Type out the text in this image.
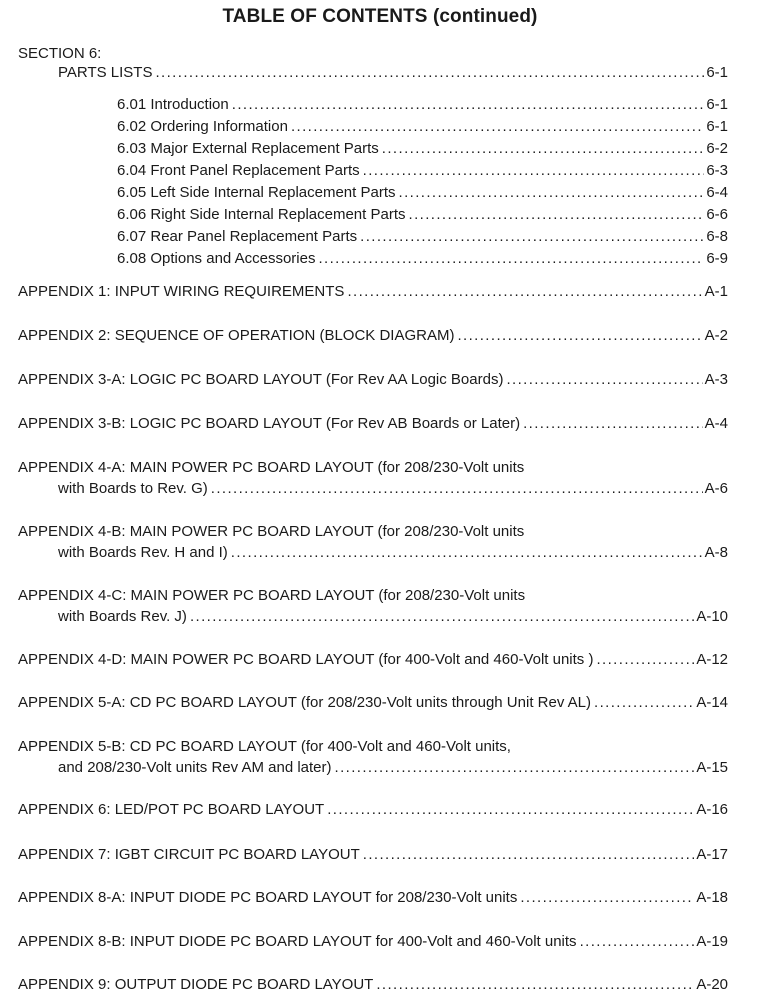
TABLE OF CONTENTS (continued)
SECTION 6:
PARTS LISTS .....	6-1
6.01 Introduction .....	6-1
6.02 Ordering Information .....	6-1
6.03 Major External Replacement Parts .....	6-2
6.04 Front Panel Replacement Parts .....	6-3
6.05 Left Side Internal Replacement Parts .....	6-4
6.06 Right Side Internal Replacement Parts .....	6-6
6.07 Rear Panel Replacement Parts .....	6-8
6.08 Options and Accessories .....	6-9
APPENDIX 1: INPUT WIRING REQUIREMENTS .....	A-1
APPENDIX 2: SEQUENCE OF OPERATION (BLOCK DIAGRAM) .....	A-2
APPENDIX 3-A: LOGIC PC BOARD LAYOUT (For Rev AA Logic Boards) .....	A-3
APPENDIX 3-B: LOGIC PC BOARD LAYOUT (For Rev AB Boards or Later) .....	A-4
APPENDIX 4-A: MAIN POWER PC BOARD LAYOUT (for 208/230-Volt units
with Boards to Rev. G) .....	A-6
APPENDIX 4-B: MAIN POWER PC BOARD LAYOUT (for 208/230-Volt units
with Boards Rev. H and I) .....	A-8
APPENDIX 4-C: MAIN POWER PC BOARD LAYOUT (for 208/230-Volt units
with Boards Rev. J) .....	A-10
APPENDIX 4-D: MAIN POWER PC BOARD LAYOUT (for 400-Volt and 460-Volt units ) .....	A-12
APPENDIX 5-A: CD PC BOARD LAYOUT (for 208/230-Volt units through Unit Rev AL) .....	A-14
APPENDIX 5-B: CD PC BOARD LAYOUT (for 400-Volt and 460-Volt units,
and 208/230-Volt units Rev AM and later) .....	A-15
APPENDIX 6: LED/POT PC BOARD LAYOUT .....	A-16
APPENDIX 7: IGBT CIRCUIT PC BOARD LAYOUT .....	A-17
APPENDIX 8-A: INPUT DIODE PC BOARD LAYOUT for 208/230-Volt units .....	A-18
APPENDIX 8-B: INPUT DIODE PC BOARD LAYOUT for 400-Volt and 460-Volt units .....	A-19
APPENDIX 9: OUTPUT DIODE PC BOARD LAYOUT .....	A-20
